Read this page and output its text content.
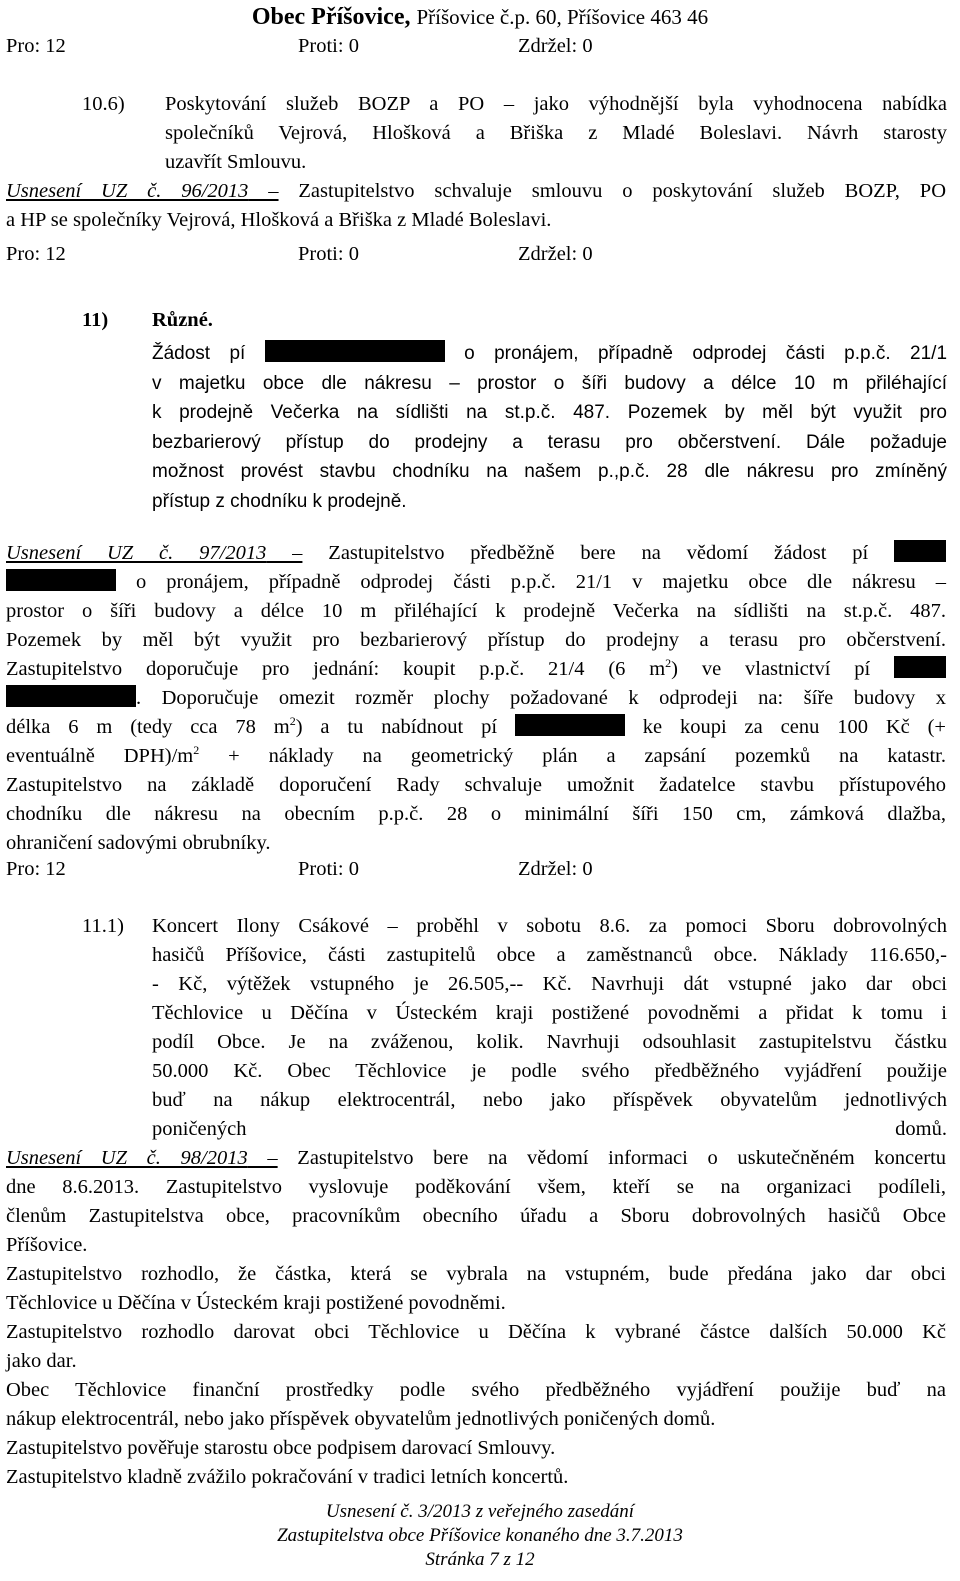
Obec Příšovice, Příšovice č.p. 60, Příšovice 463 46
Pro: 12	Proti: 0	Zdržel: 0
10.6) Poskytování služeb BOZP a PO – jako výhodnější byla vyhodnocena nabídka
společníků Vejrová, Hlošková a Břiška z Mladé Boleslavi. Návrh starosty
uzavřít Smlouvu.
Usnesení UZ č. 96/2013 – Zastupitelstvo schvaluje smlouvu o poskytování služeb BOZP, PO
a HP se společníky Vejrová, Hlošková a Břiška z Mladé Boleslavi.
Pro: 12	Proti: 0	Zdržel: 0
11) Různé.
Žádost pí	o pronájem, případně odprodej části p.p.č. 21/1
v majetku obce dle nákresu – prostor o šíři budovy a délce 10 m přiléhající
k prodejně Večerka na sídlišti na st.p.č. 487. Pozemek by měl být využit pro
bezbarierový přístup do prodejny a terasu pro občerstvení. Dále požaduje
možnost provést stavbu chodníku na našem p.,p.č. 28 dle nákresu pro zmíněný
přístup z chodníku k prodejně.
Usnesení UZ č. 97/2013 – Zastupitelstvo předběžně bere na vědomí žádost pí
o pronájem, případně odprodej části p.p.č. 21/1 v majetku obce dle nákresu –
prostor o šíři budovy a délce 10 m přiléhající k prodejně Večerka na sídlišti na st.p.č. 487.
Pozemek by měl být využit pro bezbarierový přístup do prodejny a terasu pro občerstvení.
Zastupitelstvo doporučuje pro jednání: koupit p.p.č. 21/4 (6 $m^2$) ve vlastnictví pí
. Doporučuje omezit rozměr plochy požadované k odprodeji na: šíře budovy x
délka 6 m (tedy cca 78 $m^2$) a tu nabídnout pí	ke koupi za cenu 100 Kč (+
eventuálně $DPH)/m^2$ + náklady na geometrický plán a zapsání pozemků na katastr.
Zastupitelstvo na základě doporučení Rady schvaluje umožnit žadatelce stavbu přístupového
chodníku dle nákresu na obecním p.p.č. 28 o minimální šíři 150 cm, zámková dlažba,
ohraničení sadovými obrubníky.
Pro: 12	Proti: 0	Zdržel: 0
11.1) Koncert Ilony Csákové – proběhl v sobotu 8.6. za pomoci Sboru dobrovolných
hasičů Příšovice, části zastupitelů obce a zaměstnanců obce. Náklady 116.650,-
- Kč, výtěžek vstupného je 26.505,-- Kč. Navrhuji dát vstupné jako dar obci
Těchlovice u Děčína v Ústeckém kraji postižené povodněmi a přidat k tomu i
podíl Obce. Je na zváženou, kolik. Navrhuji odsouhlasit zastupitelstvu částku
50.000 Kč. Obec Těchlovice je podle svého předběžného vyjádření použije
buď na nákup elektrocentrál, nebo jako příspěvek obyvatelům jednotlivých
poničených domů.
Usnesení UZ č. 98/2013 – Zastupitelstvo bere na vědomí informaci o uskutečněném koncertu
dne 8.6.2013. Zastupitelstvo vyslovuje poděkování všem, kteří se na organizaci podíleli,
členům Zastupitelstva obce, pracovníkům obecního úřadu a Sboru dobrovolných hasičů Obce
Příšovice.
Zastupitelstvo rozhodlo, že částka, která se vybrala na vstupném, bude předána jako dar obci
Těchlovice u Děčína v Ústeckém kraji postižené povodněmi.
Zastupitelstvo rozhodlo darovat obci Těchlovice u Děčína k vybrané částce dalších 50.000 Kč
jako dar.
Obec Těchlovice finanční prostředky podle svého předběžného vyjádření použije buď na
nákup elektrocentrál, nebo jako příspěvek obyvatelům jednotlivých poničených domů.
Zastupitelstvo pověřuje starostu obce podpisem darovací Smlouvy.
Zastupitelstvo kladně zvážilo pokračování v tradici letních koncertů.
Usnesení č. 3/2013 z veřejného zasedání
Zastupitelstva obce Příšovice konaného dne 3.7.2013
Stránka 7 z 12
